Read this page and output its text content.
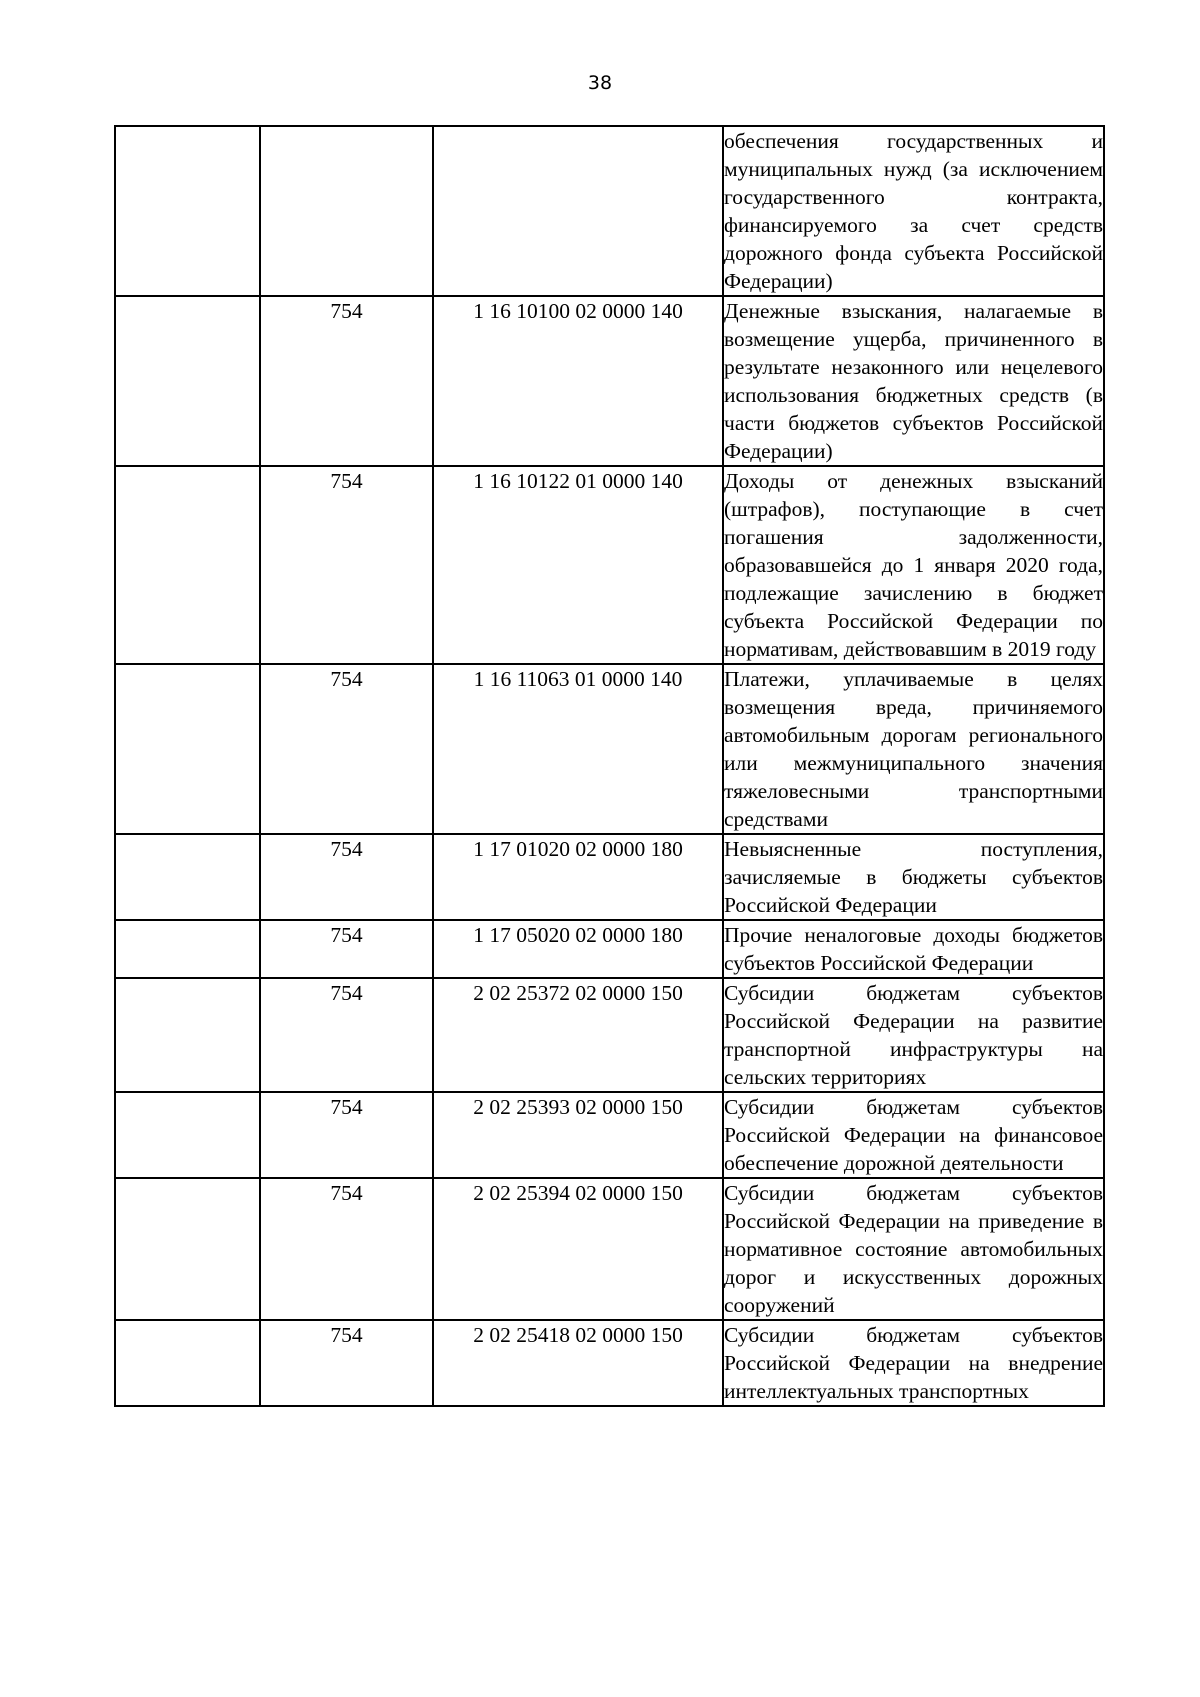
38

			обеспечения государственных и муниципальных нужд (за исключением государственного контракта, финансируемого за счет средств дорожного фонда субъекта Российской Федерации)

	754	1 16 10100 02 0000 140	Денежные взыскания, налагаемые в возмещение ущерба, причиненного в результате незаконного или нецелевого использования бюджетных средств (в части бюджетов субъектов Российской Федерации)

	754	1 16 10122 01 0000 140	Доходы от денежных взысканий (штрафов), поступающие в счет погашения задолженности, образовавшейся до 1 января 2020 года, подлежащие зачислению в бюджет субъекта Российской Федерации по нормативам, действовавшим в 2019 году

	754	1 16 11063 01 0000 140	Платежи, уплачиваемые в целях возмещения вреда, причиняемого автомобильным дорогам регионального или межмуниципального значения тяжеловесными транспортными средствами

	754	1 17 01020 02 0000 180	Невыясненные поступления, зачисляемые в бюджеты субъектов Российской Федерации

	754	1 17 05020 02 0000 180	Прочие неналоговые доходы бюджетов субъектов Российской Федерации

	754	2 02 25372 02 0000 150	Субсидии бюджетам субъектов Российской Федерации на развитие транспортной инфраструктуры на сельских территориях

	754	2 02 25393 02 0000 150	Субсидии бюджетам субъектов Российской Федерации на финансовое обеспечение дорожной деятельности

	754	2 02 25394 02 0000 150	Субсидии бюджетам субъектов Российской Федерации на приведение в нормативное состояние автомобильных дорог и искусственных дорожных сооружений

	754	2 02 25418 02 0000 150	Субсидии бюджетам субъектов Российской Федерации на внедрение интеллектуальных транспортных
